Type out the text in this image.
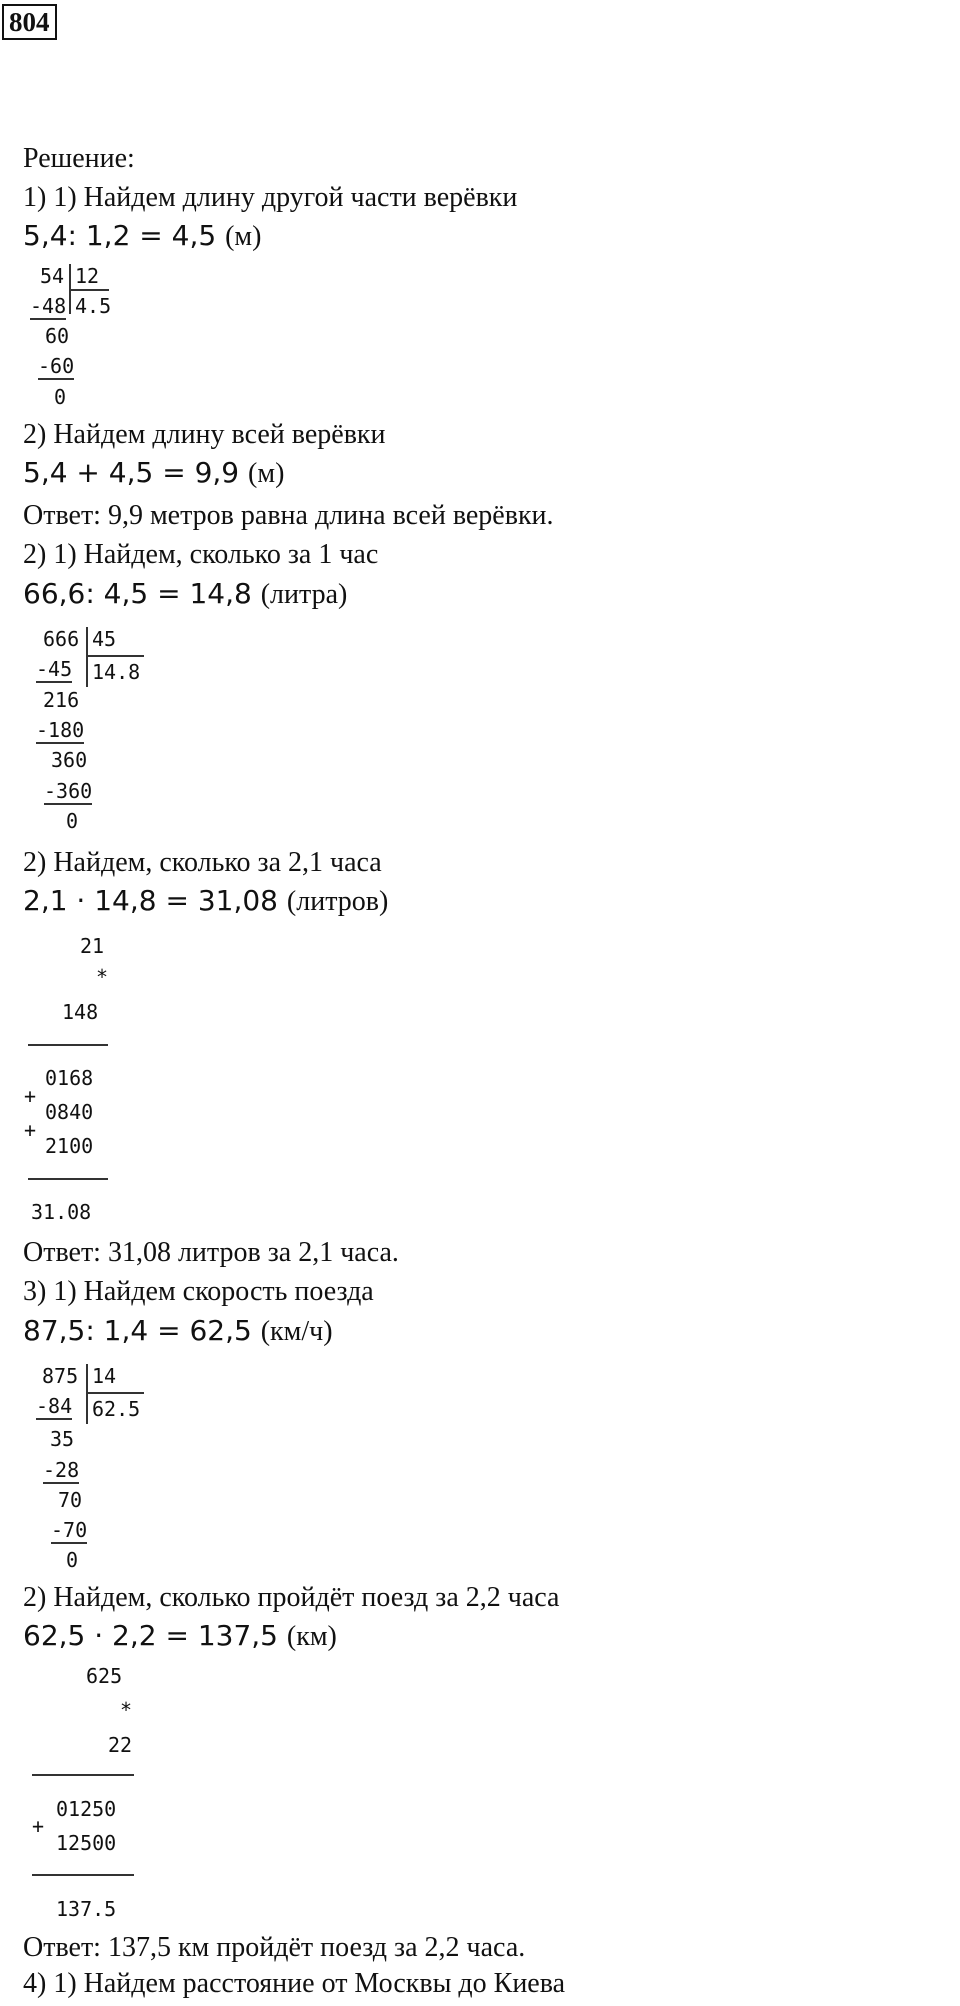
804
Решение:
1) 1) Найдем длину другой части верёвки
5,4: 1,2 = 4,5 (м)
54 12
4.5
-48
60
-60
0
2) Найдем длину всей верёвки
5,4 + 4,5 = 9,9 (м)
Ответ: 9,9 метров равна длина всей верёвки.
2) 1) Найдем, сколько за 1 час
66,6: 4,5 = 14,8 (литра)
666 45
14.8
-45
216
-180
360
-360
0
2) Найдем, сколько за 2,1 часа
2,1 · 14,8 = 31,08 (литров)
21
*
148
0168
+
0840
+
2100
31.08
Ответ: 31,08 литров за 2,1 часа.
3) 1) Найдем скорость поезда
87,5: 1,4 = 62,5 (км/ч)
875 14
62.5
-84
35
-28
70
-70
0
2) Найдем, сколько пройдёт поезд за 2,2 часа
62,5 · 2,2 = 137,5 (км)
625
*
22
01250
+
12500
137.5
Ответ: 137,5 км пройдёт поезд за 2,2 часа.
4) 1) Найдем расстояние от Москвы до Киева
